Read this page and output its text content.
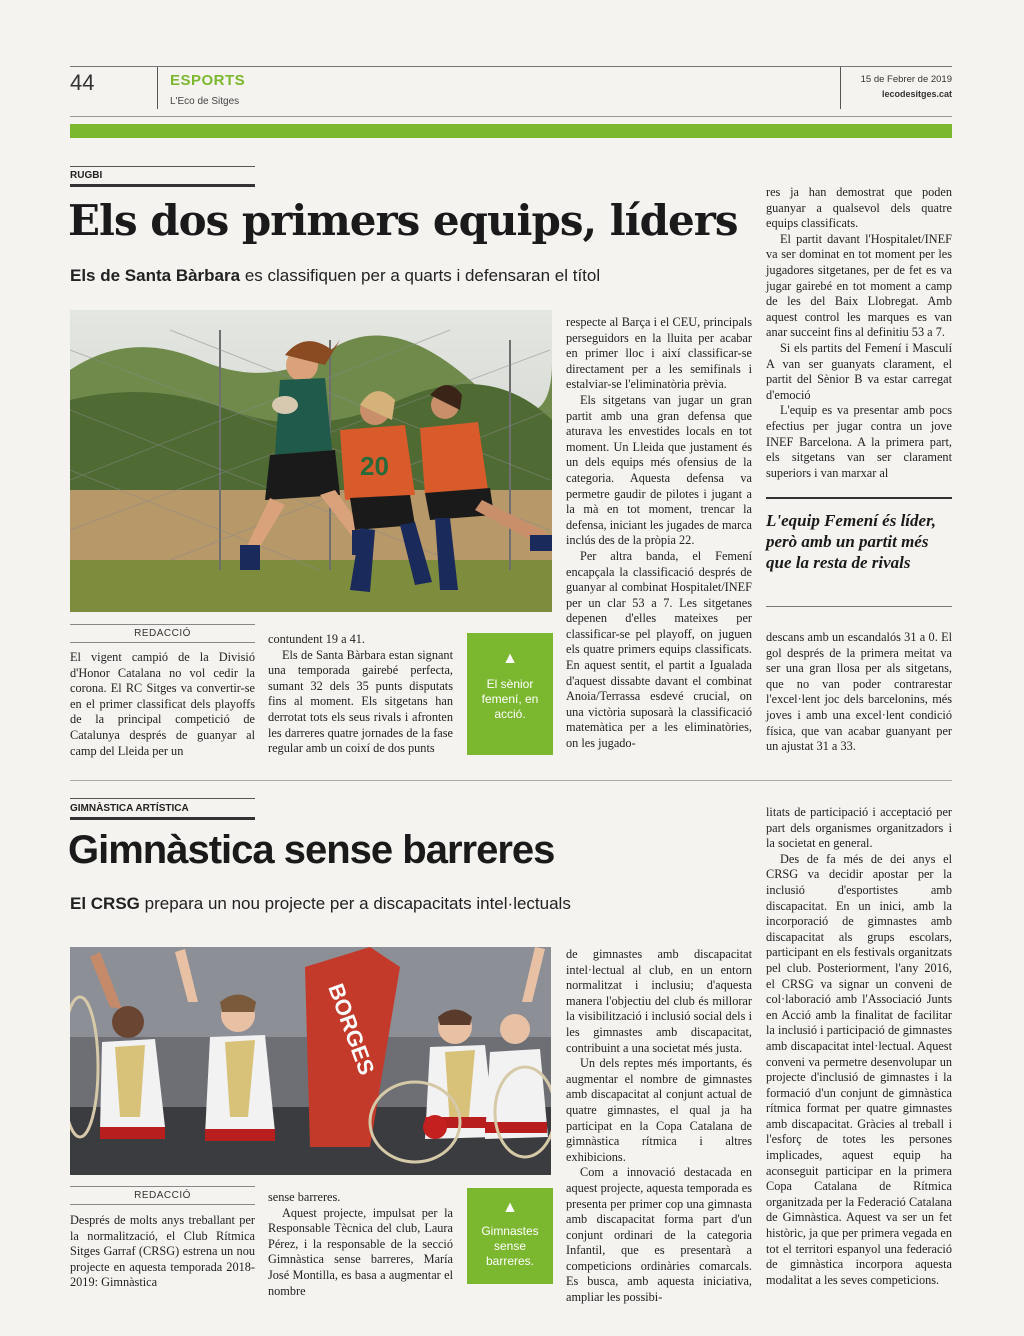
44	ESPORTS
L'Eco de Sitges
15 de Febrer de 2019
lecodesitges.cat
RUGBI
Els dos primers equips, líders
Els de Santa Bàrbara es classifiquen per a quarts i defensaran el títol
20
REDACCIÓ

El vigent campió de la Divisió d'Honor Catalana no vol cedir la corona. El RC Sitges va convertir-se en el primer classificat dels playoffs de la principal competició de Catalunya després de guanyar al camp del Lleida per un

contundent 19 a 41.

Els de Santa Bàrbara estan signant una temporada gairebé perfecta, sumant 32 dels 35 punts disputats fins al moment. Els sitgetans han derrotat tots els seus rivals i afronten les darreres quatre jornades de la fase regular amb un coixí de dos punts

▲
El sènior femení, en acció.

respecte al Barça i el CEU, principals perseguidors en la lluita per acabar en primer lloc i així classificar-se directament per a les semifinals i estalviar-se l'eliminatòria prèvia.

Els sitgetans van jugar un gran partit amb una gran defensa que aturava les envestides locals en tot moment. Un Lleida que justament és un dels equips més ofensius de la categoria. Aquesta defensa va permetre gaudir de pilotes i jugant a la mà en tot moment, trencar la defensa, iniciant les jugades de marca inclús des de la pròpia 22.

Per altra banda, el Femení encapçala la classificació després de guanyar al combinat Hospitalet/INEF per un clar 53 a 7. Les sitgetanes depenen d'elles mateixes per classificar-se pel playoff, on juguen els quatre primers equips classificats. En aquest sentit, el partit a Igualada d'aquest dissabte davant el combinat Anoia/Terrassa esdevé crucial, on una victòria suposarà la classificació matemàtica per a les eliminatòries, on les jugado-

res ja han demostrat que poden guanyar a qualsevol dels quatre equips classificats.

El partit davant l'Hospitalet/INEF va ser dominat en tot moment per les jugadores sitgetanes, per de fet es va jugar gairebé en tot moment a camp de les del Baix Llobregat. Amb aquest control les marques es van anar succeint fins al definitiu 53 a 7.

Si els partits del Femení i Masculí A van ser guanyats clarament, el partit del Sènior B va estar carregat d'emoció

L'equip es va presentar amb pocs efectius per jugar contra un jove INEF Barcelona. A la primera part, els sitgetans van ser clarament superiors i van marxar al

L'equip Femení és líder, però amb un partit més que la resta de rivals

descans amb un escandalós 31 a 0. El gol després de la primera meitat va ser una gran llosa per als sitgetans, que no van poder contrarestar l'excel·lent joc dels barcelonins, més joves i amb una excel·lent condició física, que van acabar guanyant per un ajustat 31 a 33.

GIMNÀSTICA ARTÍSTICA
Gimnàstica sense barreres
El CRSG prepara un nou projecte per a discapacitats intel·lectuals
BORGES
REDACCIÓ

Després de molts anys treballant per la normalització, el Club Rítmica Sitges Garraf (CRSG) estrena un nou projecte en aquesta temporada 2018-2019: Gimnàstica

sense barreres.

Aquest projecte, impulsat per la Responsable Tècnica del club, Laura Pérez, i la responsable de la secció Gimnàstica sense barreres, María José Montilla, es basa a augmentar el nombre

▲
Gimnastes sense barreres.

de gimnastes amb discapacitat intel·lectual al club, en un entorn normalitzat i inclusiu; d'aquesta manera l'objectiu del club és millorar la visibilització i inclusió social dels i les gimnastes amb discapacitat, contribuint a una societat més justa.

Un dels reptes més importants, és augmentar el nombre de gimnastes amb discapacitat al conjunt actual de quatre gimnastes, el qual ja ha participat en la Copa Catalana de gimnàstica rítmica i altres exhibicions.

Com a innovació destacada en aquest projecte, aquesta temporada es presenta per primer cop una gimnasta amb discapacitat forma part d'un conjunt ordinari de la categoria Infantil, que es presentarà a competicions ordinàries comarcals. Es busca, amb aquesta iniciativa, ampliar les possibi-

litats de participació i acceptació per part dels organismes organitzadors i la societat en general.

Des de fa més de dei anys el CRSG va decidir apostar per la inclusió d'esportistes amb discapacitat. En un inici, amb la incorporació de gimnastes amb discapacitat als grups escolars, participant en els festivals organitzats pel club. Posteriorment, l'any 2016, el CRSG va signar un conveni de col·laboració amb l'Associació Junts en Acció amb la finalitat de facilitar la inclusió i participació de gimnastes amb discapacitat intel·lectual. Aquest conveni va permetre desenvolupar un projecte d'inclusió de gimnastes i la formació d'un conjunt de gimnàstica rítmica format per quatre gimnastes amb discapacitat. Gràcies al treball i l'esforç de totes les persones implicades, aquest equip ha aconseguit participar en la primera Copa Catalana de Rítmica organitzada per la Federació Catalana de Gimnàstica. Aquest va ser un fet històric, ja que per primera vegada en tot el territori espanyol una federació de gimnàstica incorpora aquesta modalitat a les seves competicions.
